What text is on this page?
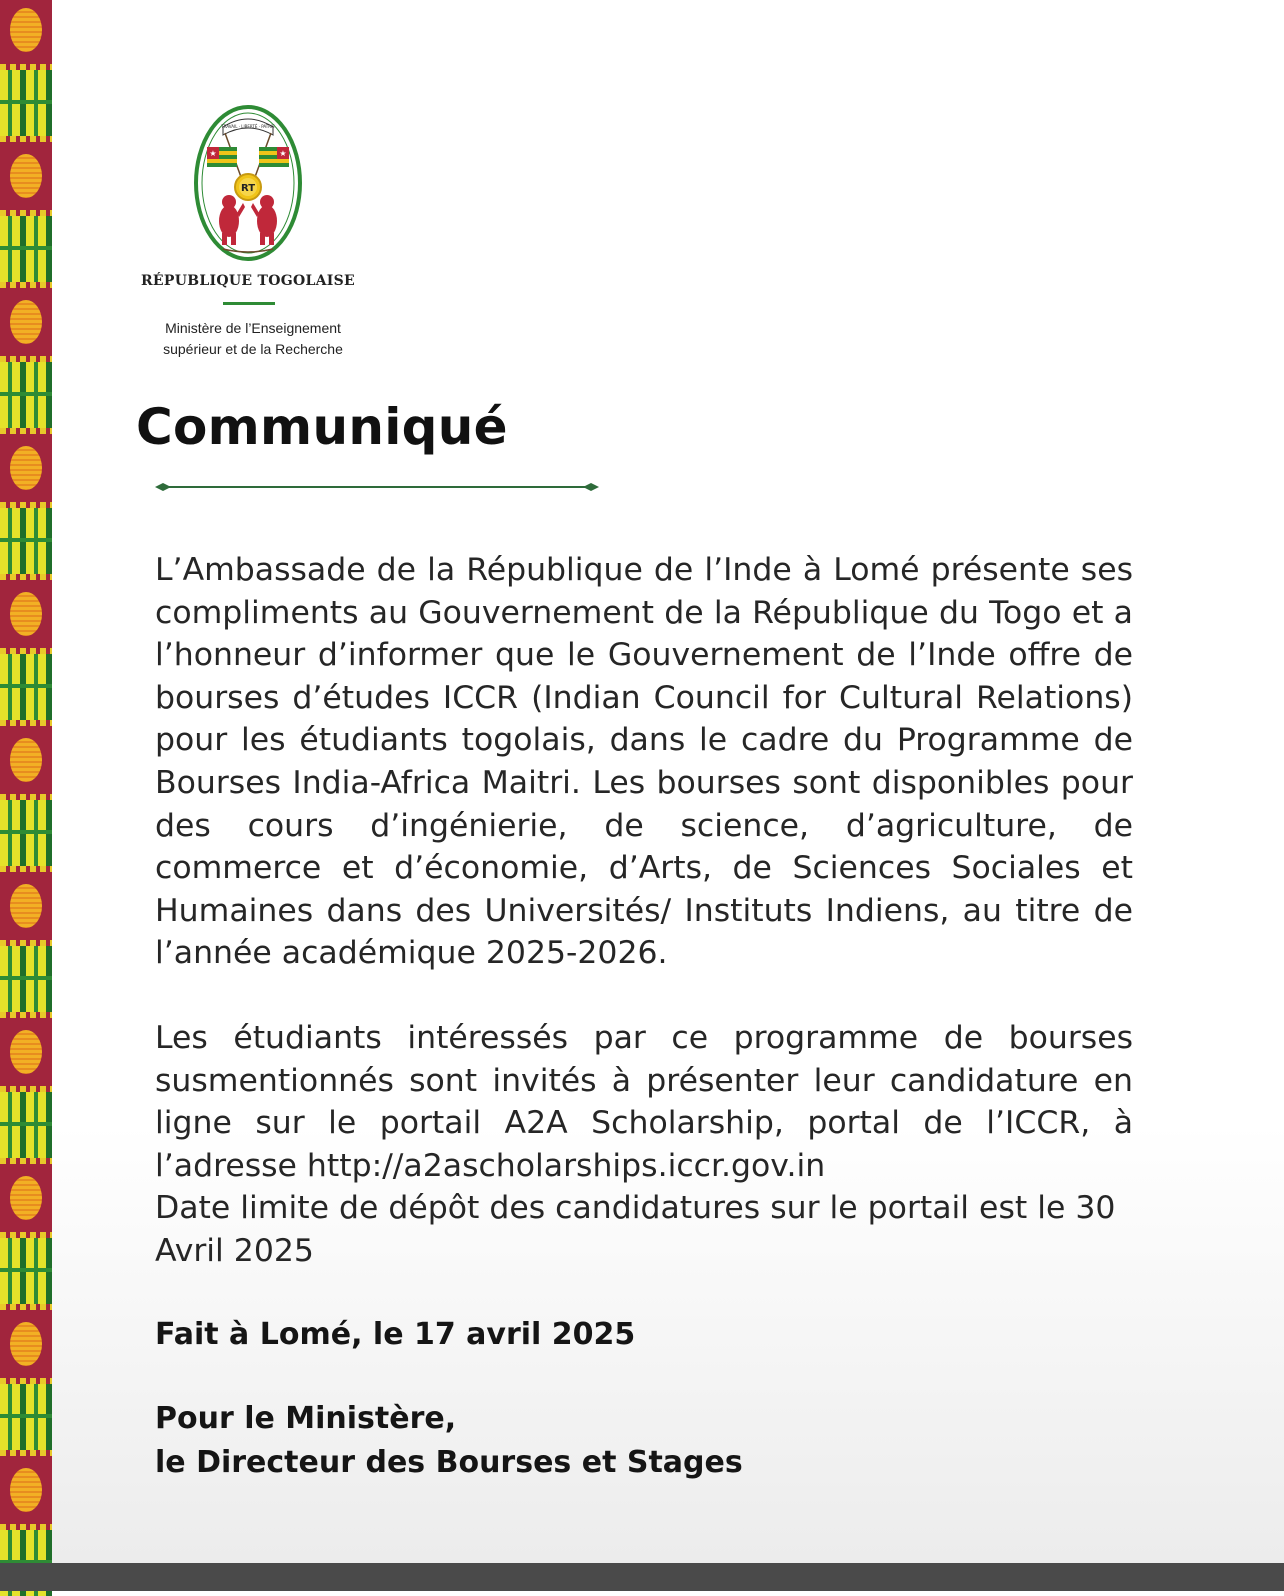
TRAVAIL · LIBERTÉ · PATRIE
★	★
RT
RÉPUBLIQUE TOGOLAISE
Ministère de l’Enseignement
supérieur et de la Recherche
Communiqué

L’Ambassade de la République de l’Inde à Lomé présente ses compliments au Gouvernement de la République du Togo et a l’honneur d’informer que le Gouvernement de l’Inde offre de bourses d’études ICCR (Indian Council for Cultural Relations) pour les étudiants togolais, dans le cadre du Programme de Bourses India-Africa Maitri. Les bourses sont disponibles pour des cours d’ingénierie, de science, d’agriculture, de commerce et d’économie, d’Arts, de Sciences Sociales et Humaines dans des Universités/ Instituts Indiens, au titre de l’année académique 2025-2026.

Les étudiants intéressés par ce programme de bourses susmentionnés sont invités à présenter leur candidature en ligne sur le portail A2A Scholarship, portal de l’ICCR, à l’adresse http://a2ascholarships.iccr.gov.in

Date limite de dépôt des candidatures sur le portail est le 30 Avril 2025

Fait à Lomé, le 17 avril 2025
Pour le Ministère,
le Directeur des Bourses et Stages
